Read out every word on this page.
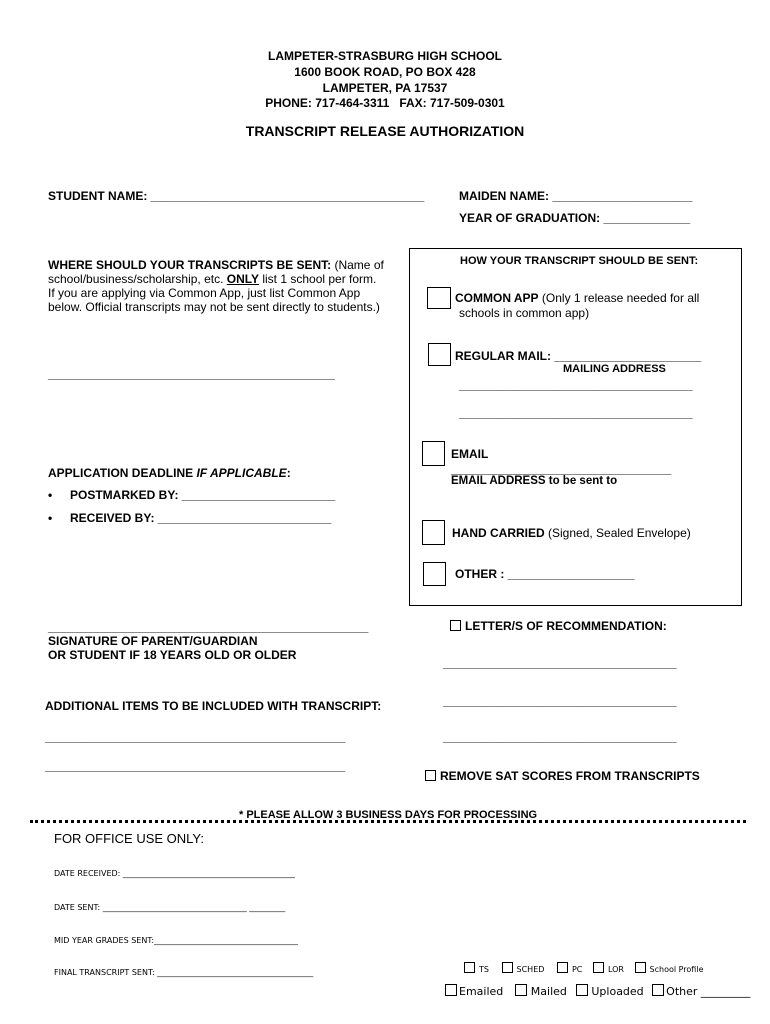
LAMPETER-STRASBURG HIGH SCHOOL
1600 BOOK ROAD, PO BOX 428
LAMPETER, PA 17537
PHONE: 717-464-3311   FAX: 717-509-0301
TRANSCRIPT RELEASE AUTHORIZATION
STUDENT NAME: _________________________________________	MAIDEN NAME: _____________________
YEAR OF GRADUATION: _____________
WHERE SHOULD YOUR TRANSCRIPTS BE SENT: (Name of
school/business/scholarship, etc. ONLY list 1 school per form.
If you are applying via Common App, just list Common App
below. Official transcripts may not be sent directly to students.)
___________________________________________
APPLICATION DEADLINE IF APPLICABLE:
• POSTMARKED BY: _______________________
• RECEIVED BY: __________________________
HOW YOUR TRANSCRIPT SHOULD BE SENT:
COMMON APP (Only 1 release needed for all
schools in common app)
REGULAR MAIL: ______________________
MAILING ADDRESS
___________________________________
___________________________________
EMAIL
_________________________________
EMAIL ADDRESS to be sent to
HAND CARRIED (Signed, Sealed Envelope)
OTHER : ___________________
________________________________________________
SIGNATURE OF PARENT/GUARDIAN
OR STUDENT IF 18 YEARS OLD OR OLDER
LETTER/S OF RECOMMENDATION:
___________________________________
___________________________________
___________________________________
ADDITIONAL ITEMS TO BE INCLUDED WITH TRANSCRIPT:
_____________________________________________
_____________________________________________
REMOVE SAT SCORES FROM TRANSCRIPTS
* PLEASE ALLOW 3 BUSINESS DAYS FOR PROCESSING
FOR OFFICE USE ONLY:
DATE RECEIVED: ___________________________________________
DATE SENT: ____________________________________ _________
MID YEAR GRADES SENT:____________________________________
FINAL TRANSCRIPT SENT: _______________________________________	TS	SCHED	PC	LOR	School Profile
Emailed	Mailed Uploaded Other _________
